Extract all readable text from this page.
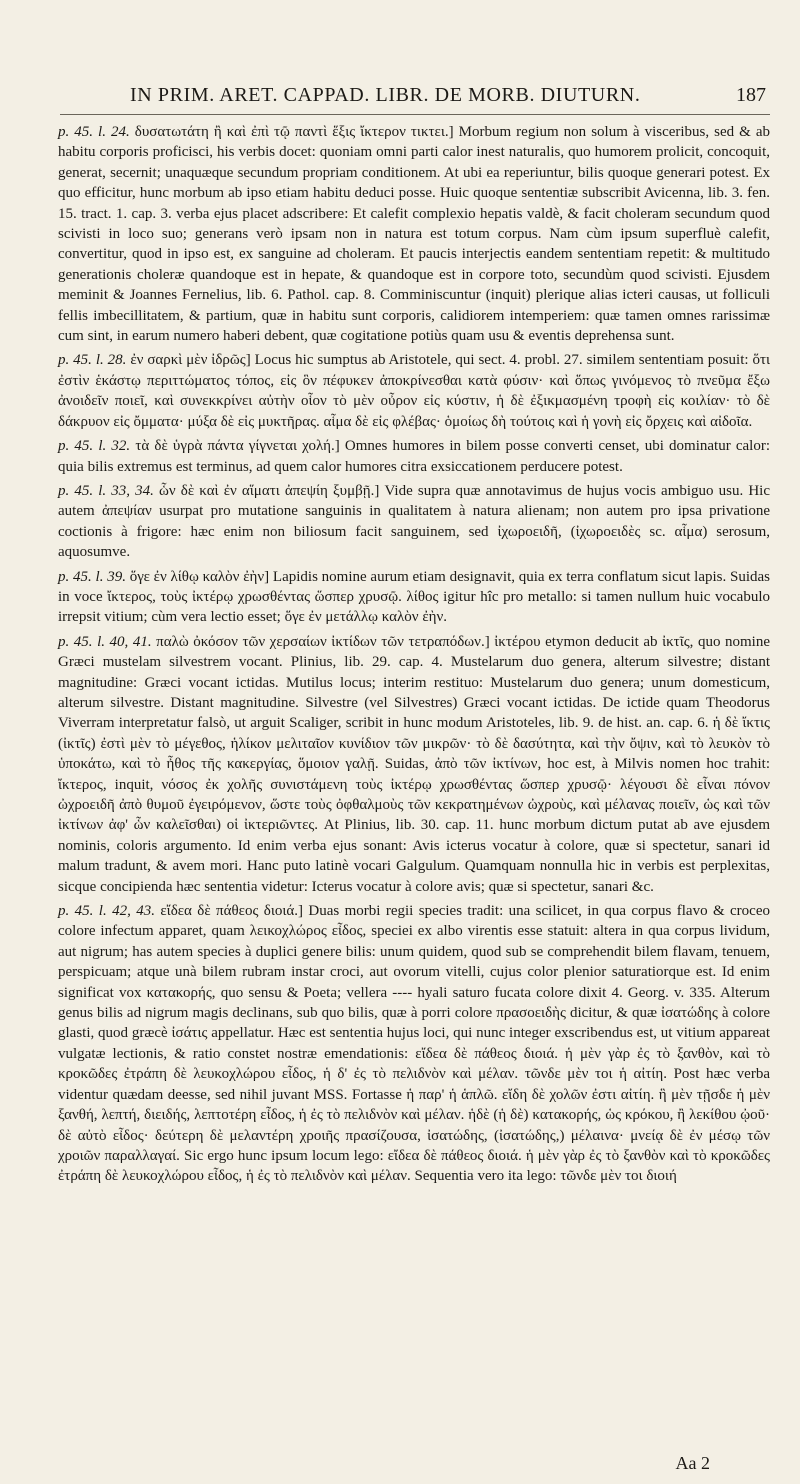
IN PRIM. ARET. CAPPAD. LIBR. DE MORB. DIUTURN.	187

p. 45. l. 24. δυσατωτάτη ἢ καὶ ἐπὶ τῷ παντὶ ἕξις ἴκτερον τικτει.] Morbum regium non solum à visceribus, sed & ab habitu corporis proficisci, his verbis docet: quoniam omni parti calor inest naturalis, quo humorem prolicit, concoquit, generat, secernit; unaquæque secundum propriam conditionem. At ubi ea reperiuntur, bilis quoque generari potest. Ex quo efficitur, hunc morbum ab ipso etiam habitu deduci posse. Huic quoque sententiæ subscribit Avicenna, lib. 3. fen. 15. tract. 1. cap. 3. verba ejus placet adscribere: Et calefit complexio hepatis valdè, & facit choleram secundum quod scivisti in loco suo; generans verò ipsam non in natura est totum corpus. Nam cùm ipsum superfluè calefit, convertitur, quod in ipso est, ex sanguine ad choleram. Et paucis interjectis eandem sententiam repetit: & multitudo generationis choleræ quandoque est in hepate, & quandoque est in corpore toto, secundùm quod scivisti. Ejusdem meminit & Joannes Fernelius, lib. 6. Pathol. cap. 8. Comminiscuntur (inquit) plerique alias icteri causas, ut folliculi fellis imbecillitatem, & partium, quæ in habitu sunt corporis, calidiorem intemperiem: quæ tamen omnes rarissimæ cum sint, in earum numero haberi debent, quæ cogitatione potiùs quam usu & eventis deprehensa sunt.

p. 45. l. 28. ἐν σαρκὶ μὲν ἰδρῶς] Locus hic sumptus ab Aristotele, qui sect. 4. probl. 27. similem sententiam posuit: ὅτι ἐστὶν ἑκάστῳ περιττώματος τόπος, εἰς ὃν πέφυκεν ἀποκρίνεσθαι κατὰ φύσιν· καὶ ὅπως γινόμενος τὸ πνεῦμα ἔξω ἀνοιδεῖν ποιεῖ, καὶ συνεκκρίνει αὐτὴν οἷον τὸ μὲν οὖρον εἰς κύστιν, ἡ δὲ ἐξικμασμένη τροφὴ εἰς κοιλίαν· τὸ δὲ δάκρυον εἰς ὄμματα· μύξα δὲ εἰς μυκτῆρας. αἷμα δὲ εἰς φλέβας· ὁμοίως δὴ τούτοις καὶ ἡ γονὴ εἰς ὄρχεις καὶ αἰδοῖα.

p. 45. l. 32. τὰ δὲ ὑγρὰ πάντα γίγνεται χολή.] Omnes humores in bilem posse converti censet, ubi dominatur calor: quia bilis extremus est terminus, ad quem calor humores citra exsiccationem perducere potest.

p. 45. l. 33, 34. ὧν δὲ καὶ ἐν αἵματι ἀπεψίη ξυμβῇ.] Vide supra quæ annotavimus de hujus vocis ambiguo usu. Hic autem ἀπεψίαν usurpat pro mutatione sanguinis in qualitatem à natura alienam; non autem pro ipsa privatione coctionis à frigore: hæc enim non biliosum facit sanguinem, sed ἰχωροειδῆ, (ἰχωροειδὲς sc. αἷμα) serosum, aquosumve.

p. 45. l. 39. ὅγε ἐν λίθῳ καλὸν ἐὴν] Lapidis nomine aurum etiam designavit, quia ex terra conflatum sicut lapis. Suidas in voce ἴκτερος, τοὺς ἰκτέρῳ χρωσθέντας ὥσπερ χρυσῷ. λίθος igitur hîc pro metallo: si tamen nullum huic vocabulo irrepsit vitium; cùm vera lectio esset; ὅγε ἐν μετάλλῳ καλὸν ἐὴν.

p. 45. l. 40, 41. παλὼ ὀκόσον τῶν χερσαίων ἰκτίδων τῶν τετραπόδων.] ἰκτέρου etymon deducit ab ἰκτῖς, quo nomine Græci mustelam silvestrem vocant. Plinius, lib. 29. cap. 4. Mustelarum duo genera, alterum silvestre; distant magnitudine: Græci vocant ictidas. Mutilus locus; interim restituo: Mustelarum duo genera; unum domesticum, alterum silvestre. Distant magnitudine. Silvestre (vel Silvestres) Græci vocant ictidas. De ictide quam Theodorus Viverram interpretatur falsò, ut arguit Scaliger, scribit in hunc modum Aristoteles, lib. 9. de hist. an. cap. 6. ἡ δὲ ἴκτις (ἰκτῖς) ἐστὶ μὲν τὸ μέγεθος, ἡλίκον μελιταῖον κυνίδιον τῶν μικρῶν· τὸ δὲ δασύτητα, καὶ τὴν ὄψιν, καὶ τὸ λευκὸν τὸ ὑποκάτω, καὶ τὸ ἦθος τῆς κακεργίας, ὅμοιον γαλῇ. Suidas, ἀπὸ τῶν ἰκτίνων, hoc est, à Milvis nomen hoc trahit: ἴκτερος, inquit, νόσος ἐκ χολῆς συνιστάμενη τοὺς ἰκτέρῳ χρωσθέντας ὥσπερ χρυσῷ· λέγουσι δὲ εἶναι πόνον ὠχροειδῆ ἀπὸ θυμοῦ ἐγειρόμενον, ὥστε τοὺς ὀφθαλμοὺς τῶν κεκρατημένων ὠχροὺς, καὶ μέλανας ποιεῖν, ὡς καὶ τῶν ἰκτίνων ἀφ' ὧν καλεῖσθαι) οἱ ἰκτεριῶντες. At Plinius, lib. 30. cap. 11. hunc morbum dictum putat ab ave ejusdem nominis, coloris argumento. Id enim verba ejus sonant: Avis icterus vocatur à colore, quæ si spectetur, sanari id malum tradunt, & avem mori. Hanc puto latinè vocari Galgulum. Quamquam nonnulla hic in verbis est perplexitas, sicque concipienda hæc sententia videtur: Icterus vocatur à colore avis; quæ si spectetur, sanari &c.

p. 45. l. 42, 43. εἴδεα δὲ πάθεος διοιά.] Duas morbi regii species tradit: una scilicet, in qua corpus flavo & croceo colore infectum apparet, quam λεικοχλώρος εἶδος, speciei ex albo virentis esse statuit: altera in qua corpus lividum, aut nigrum; has autem species à duplici genere bilis: unum quidem, quod sub se comprehendit bilem flavam, tenuem, perspicuam; atque unà bilem rubram instar croci, aut ovorum vitelli, cujus color plenior saturatiorque est. Id enim significat vox κατακορής, quo sensu & Poeta; vellera ---- hyali saturo fucata colore dixit 4. Georg. v. 335. Alterum genus bilis ad nigrum magis declinans, sub quo bilis, quæ à porri colore πρασοειδὴς dicitur, & quæ ἰσατώδης à colore glasti, quod græcè ἰσάτις appellatur. Hæc est sententia hujus loci, qui nunc integer exscribendus est, ut vitium appareat vulgatæ lectionis, & ratio constet nostræ emendationis: εἴδεα δὲ πάθεος διοιά. ἡ μὲν γὰρ ἐς τὸ ξανθὸν, καὶ τὸ κροκῶδες ἐτράπη δὲ λευκοχλώρου εἶδος, ἡ δ' ἐς τὸ πελιδνὸν καὶ μέλαν. τῶνδε μὲν τοι ἡ αἰτίη. Post hæc verba videntur quædam deesse, sed nihil juvant MSS. Fortasse ἡ παρ' ἡ ἁπλῶ. εἴδη δὲ χολῶν ἐστι αἰτίη. ἣ μὲν τῇσδε ἡ μὲν ξανθή, λεπτή, διειδής, λεπτοτέρη εἶδος, ἡ ἐς τὸ πελιδνὸν καὶ μέλαν. ἡδὲ (ἡ δὲ) κατακορής, ὡς κρόκου, ἢ λεκίθου ᾠοῦ· δὲ αὐτὸ εἶδος· δεύτερη δὲ μελαντέρη χροιῆς πρασίζουσα, ἰσατώδης, (ἰσατώδης,) μέλαινα· μνείᾳ δὲ ἐν μέσῳ τῶν χροιῶν παραλλαγαί. Sic ergo hunc ipsum locum lego: εἴδεα δὲ πάθεος διοιά. ἡ μὲν γὰρ ἐς τὸ ξανθὸν καὶ τὸ κροκῶδες ἐτράπη δὲ λευκοχλώρου εἶδος, ἡ ἐς τὸ πελιδνὸν καὶ μέλαν. Sequentia vero ita lego: τῶνδε μὲν τοι διοιή

Aa 2
